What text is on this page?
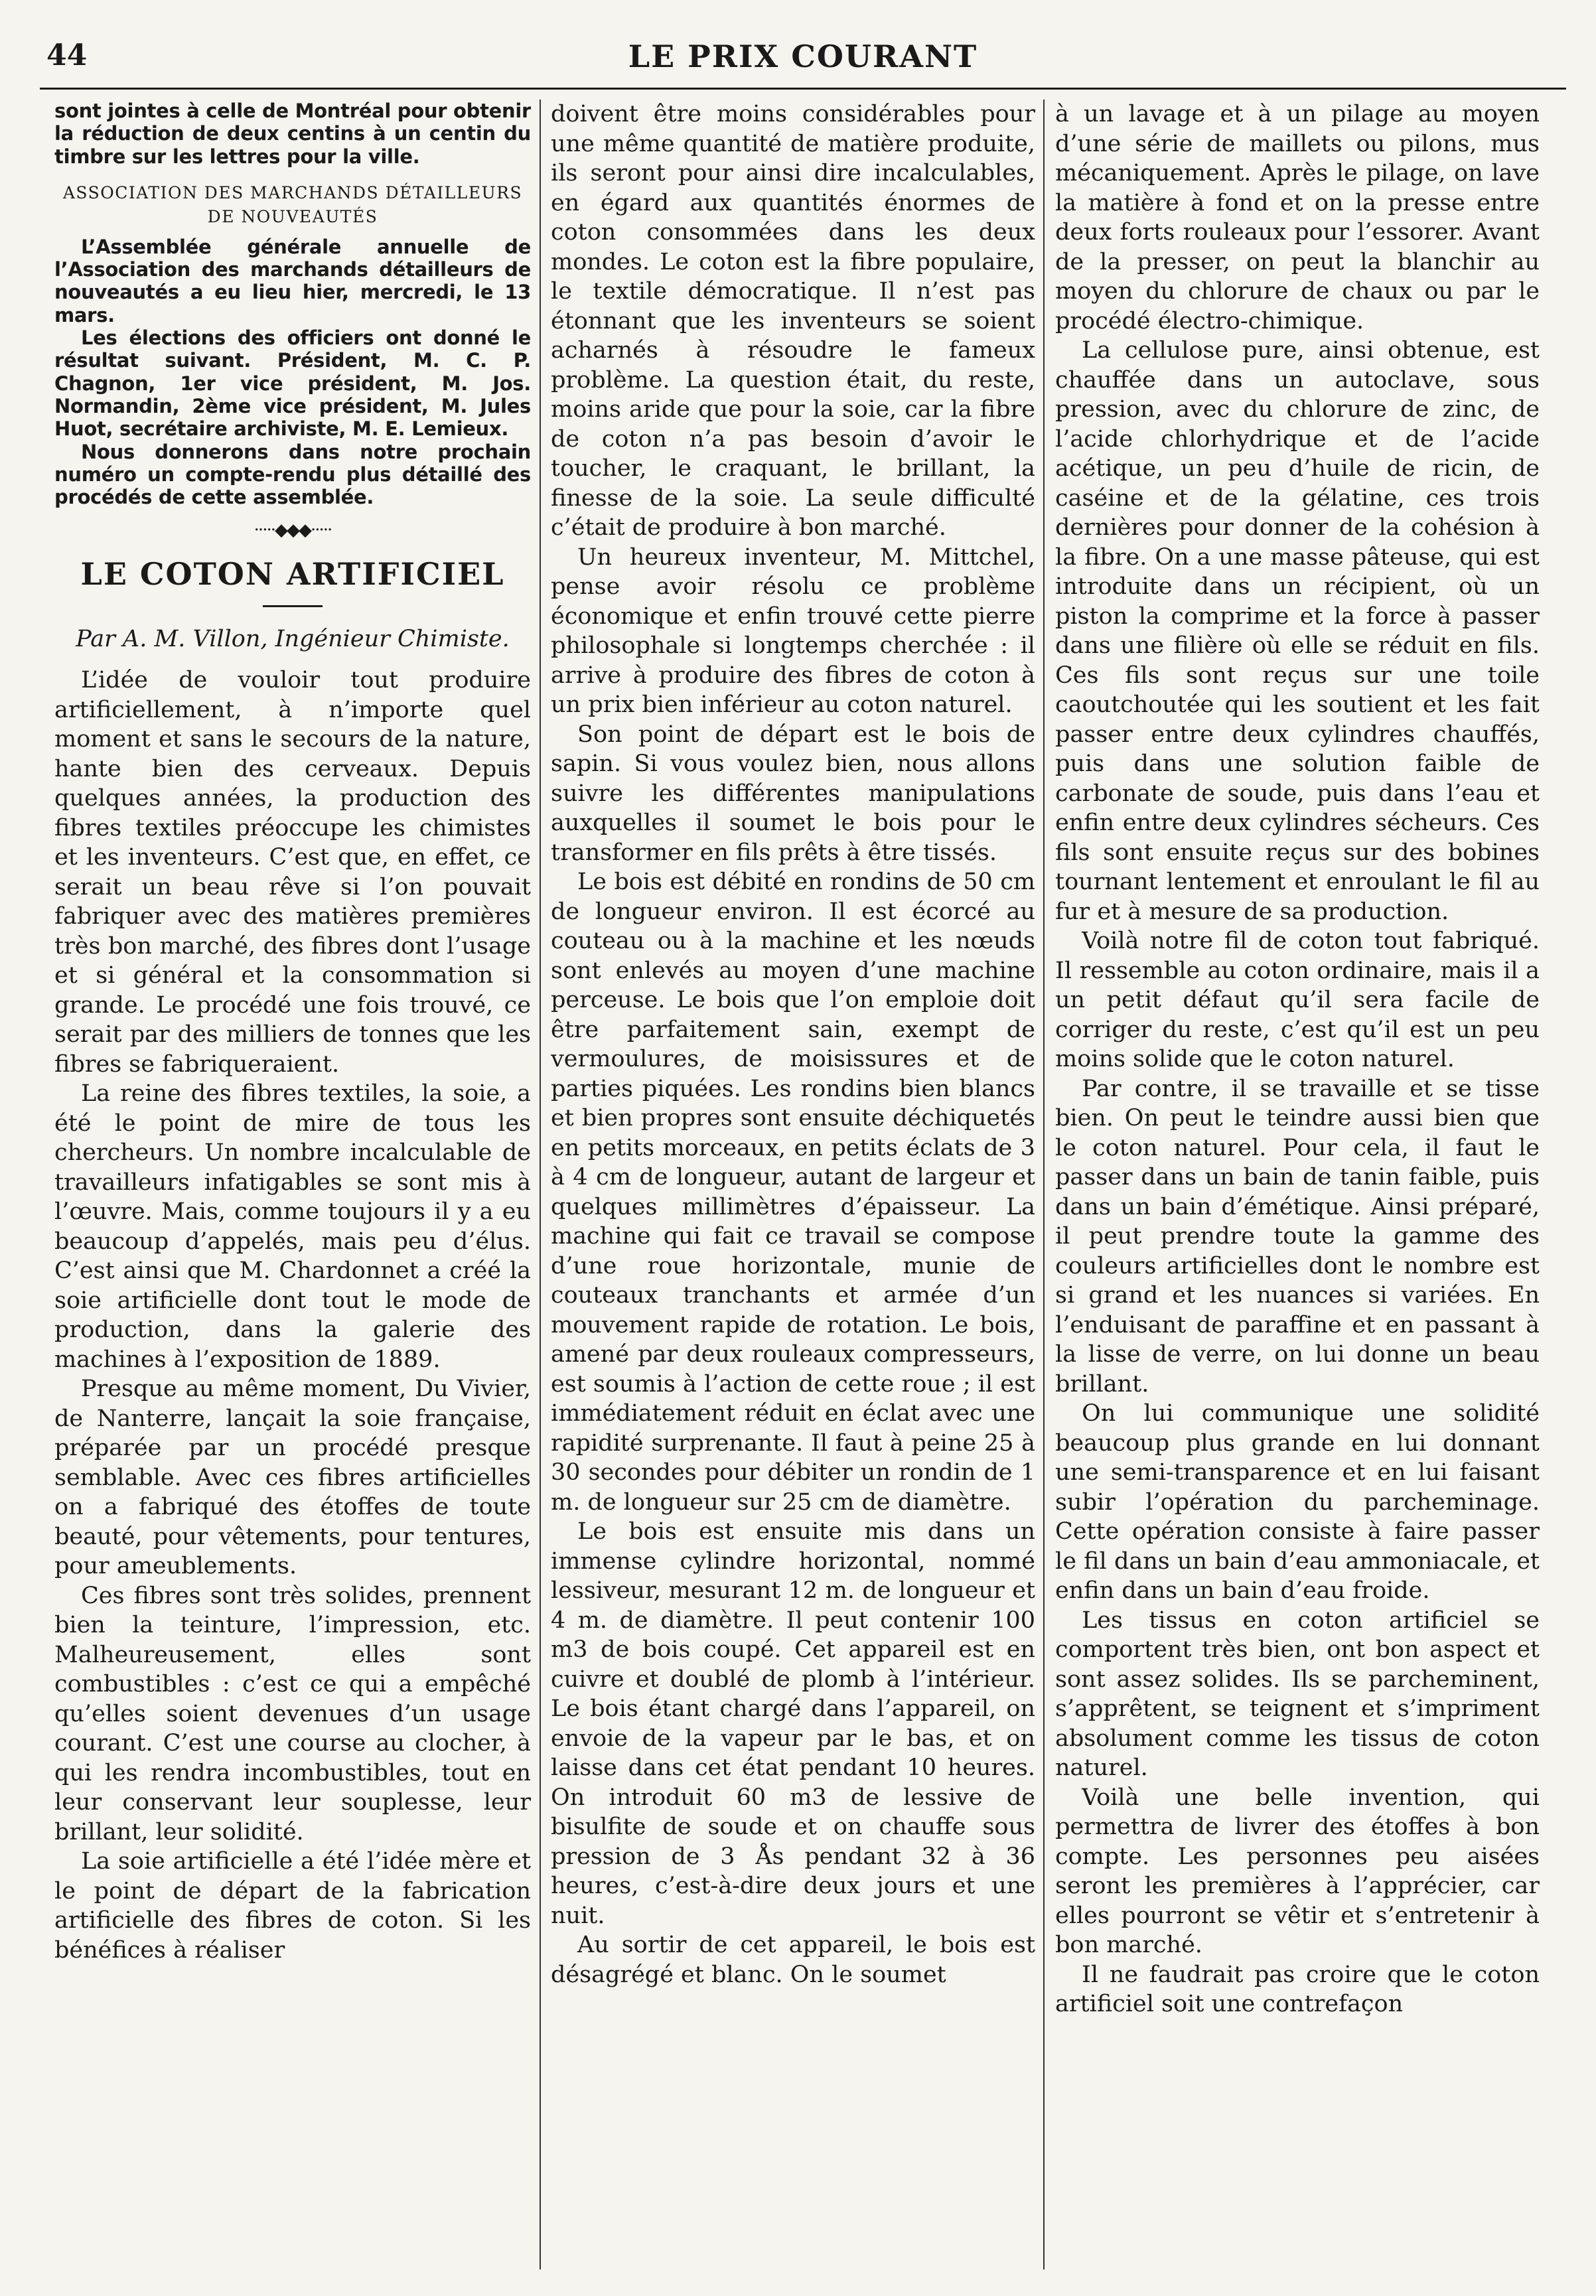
44	LE PRIX COURANT

sont jointes à celle de Montréal pour obtenir la réduction de deux centins à un centin du timbre sur les lettres pour la ville.

ASSOCIATION DES MARCHANDS DÉTAILLEURS DE NOUVEAUTÉS

L’Assemblée générale annuelle de l’Association des marchands détailleurs de nouveautés a eu lieu hier, mercredi, le 13 mars.

Les élections des officiers ont donné le résultat suivant. Président, M. C. P. Chagnon, 1er vice président, M. Jos. Normandin, 2ème vice président, M. Jules Huot, secrétaire archiviste, M. E. Lemieux.

Nous donnerons dans notre prochain numéro un compte-rendu plus détaillé des procédés de cette assemblée.

·····◆◆◆·····
LE COTON ARTIFICIEL
Par A. M. Villon, Ingénieur Chimiste.

L’idée de vouloir tout produire artificiellement, à n’importe quel moment et sans le secours de la nature, hante bien des cerveaux. Depuis quelques années, la production des fibres textiles préoccupe les chimistes et les inventeurs. C’est que, en effet, ce serait un beau rêve si l’on pouvait fabriquer avec des matières premières très bon marché, des fibres dont l’usage et si général et la consommation si grande. Le procédé une fois trouvé, ce serait par des milliers de tonnes que les fibres se fabriqueraient.

La reine des fibres textiles, la soie, a été le point de mire de tous les chercheurs. Un nombre incalculable de travailleurs infatigables se sont mis à l’œuvre. Mais, comme toujours il y a eu beaucoup d’appelés, mais peu d’élus. C’est ainsi que M. Chardonnet a créé la soie artificielle dont tout le mode de production, dans la galerie des machines à l’exposition de 1889.

Presque au même moment, Du Vivier, de Nanterre, lançait la soie française, préparée par un procédé presque semblable. Avec ces fibres artificielles on a fabriqué des étoffes de toute beauté, pour vêtements, pour tentures, pour ameublements.

Ces fibres sont très solides, prennent bien la teinture, l’impression, etc. Malheureusement, elles sont combustibles : c’est ce qui a empêché qu’elles soient devenues d’un usage courant. C’est une course au clocher, à qui les rendra incombustibles, tout en leur conservant leur souplesse, leur brillant, leur solidité.

La soie artificielle a été l’idée mère et le point de départ de la fabrication artificielle des fibres de coton. Si les bénéfices à réaliser

doivent être moins considérables pour une même quantité de matière produite, ils seront pour ainsi dire incalculables, en égard aux quantités énormes de coton consommées dans les deux mondes. Le coton est la fibre populaire, le textile démocratique. Il n’est pas étonnant que les inventeurs se soient acharnés à résoudre le fameux problème. La question était, du reste, moins aride que pour la soie, car la fibre de coton n’a pas besoin d’avoir le toucher, le craquant, le brillant, la finesse de la soie. La seule difficulté c’était de produire à bon marché.

Un heureux inventeur, M. Mittchel, pense avoir résolu ce problème économique et enfin trouvé cette pierre philosophale si longtemps cherchée : il arrive à produire des fibres de coton à un prix bien inférieur au coton naturel.

Son point de départ est le bois de sapin. Si vous voulez bien, nous allons suivre les différentes manipulations auxquelles il soumet le bois pour le transformer en fils prêts à être tissés.

Le bois est débité en rondins de 50 cm de longueur environ. Il est écorcé au couteau ou à la machine et les nœuds sont enlevés au moyen d’une machine perceuse. Le bois que l’on emploie doit être parfaitement sain, exempt de vermoulures, de moisissures et de parties piquées. Les rondins bien blancs et bien propres sont ensuite déchiquetés en petits morceaux, en petits éclats de 3 à 4 cm de longueur, autant de largeur et quelques millimètres d’épaisseur. La machine qui fait ce travail se compose d’une roue horizontale, munie de couteaux tranchants et armée d’un mouvement rapide de rotation. Le bois, amené par deux rouleaux compresseurs, est soumis à l’action de cette roue ; il est immédiatement réduit en éclat avec une rapidité surprenante. Il faut à peine 25 à 30 secondes pour débiter un rondin de 1 m. de longueur sur 25 cm de diamètre.

Le bois est ensuite mis dans un immense cylindre horizontal, nommé lessiveur, mesurant 12 m. de longueur et 4 m. de diamètre. Il peut contenir 100 m3 de bois coupé. Cet appareil est en cuivre et doublé de plomb à l’intérieur. Le bois étant chargé dans l’appareil, on envoie de la vapeur par le bas, et on laisse dans cet état pendant 10 heures. On introduit 60 m3 de lessive de bisulfite de soude et on chauffe sous pression de 3 Ås pendant 32 à 36 heures, c’est-à-dire deux jours et une nuit.

Au sortir de cet appareil, le bois est désagrégé et blanc. On le soumet

à un lavage et à un pilage au moyen d’une série de maillets ou pilons, mus mécaniquement. Après le pilage, on lave la matière à fond et on la presse entre deux forts rouleaux pour l’essorer. Avant de la presser, on peut la blanchir au moyen du chlorure de chaux ou par le procédé électro-chimique.

La cellulose pure, ainsi obtenue, est chauffée dans un autoclave, sous pression, avec du chlorure de zinc, de l’acide chlorhydrique et de l’acide acétique, un peu d’huile de ricin, de caséine et de la gélatine, ces trois dernières pour donner de la cohésion à la fibre. On a une masse pâteuse, qui est introduite dans un récipient, où un piston la comprime et la force à passer dans une filière où elle se réduit en fils. Ces fils sont reçus sur une toile caoutchoutée qui les soutient et les fait passer entre deux cylindres chauffés, puis dans une solution faible de carbonate de soude, puis dans l’eau et enfin entre deux cylindres sécheurs. Ces fils sont ensuite reçus sur des bobines tournant lentement et enroulant le fil au fur et à mesure de sa production.

Voilà notre fil de coton tout fabriqué. Il ressemble au coton ordinaire, mais il a un petit défaut qu’il sera facile de corriger du reste, c’est qu’il est un peu moins solide que le coton naturel.

Par contre, il se travaille et se tisse bien. On peut le teindre aussi bien que le coton naturel. Pour cela, il faut le passer dans un bain de tanin faible, puis dans un bain d’émétique. Ainsi préparé, il peut prendre toute la gamme des couleurs artificielles dont le nombre est si grand et les nuances si variées. En l’enduisant de paraffine et en passant à la lisse de verre, on lui donne un beau brillant.

On lui communique une solidité beaucoup plus grande en lui donnant une semi-transparence et en lui faisant subir l’opération du parcheminage. Cette opération consiste à faire passer le fil dans un bain d’eau ammoniacale, et enfin dans un bain d’eau froide.

Les tissus en coton artificiel se comportent très bien, ont bon aspect et sont assez solides. Ils se parcheminent, s’apprêtent, se teignent et s’impriment absolument comme les tissus de coton naturel.

Voilà une belle invention, qui permettra de livrer des étoffes à bon compte. Les personnes peu aisées seront les premières à l’apprécier, car elles pourront se vêtir et s’entretenir à bon marché.

Il ne faudrait pas croire que le coton artificiel soit une contrefaçon
